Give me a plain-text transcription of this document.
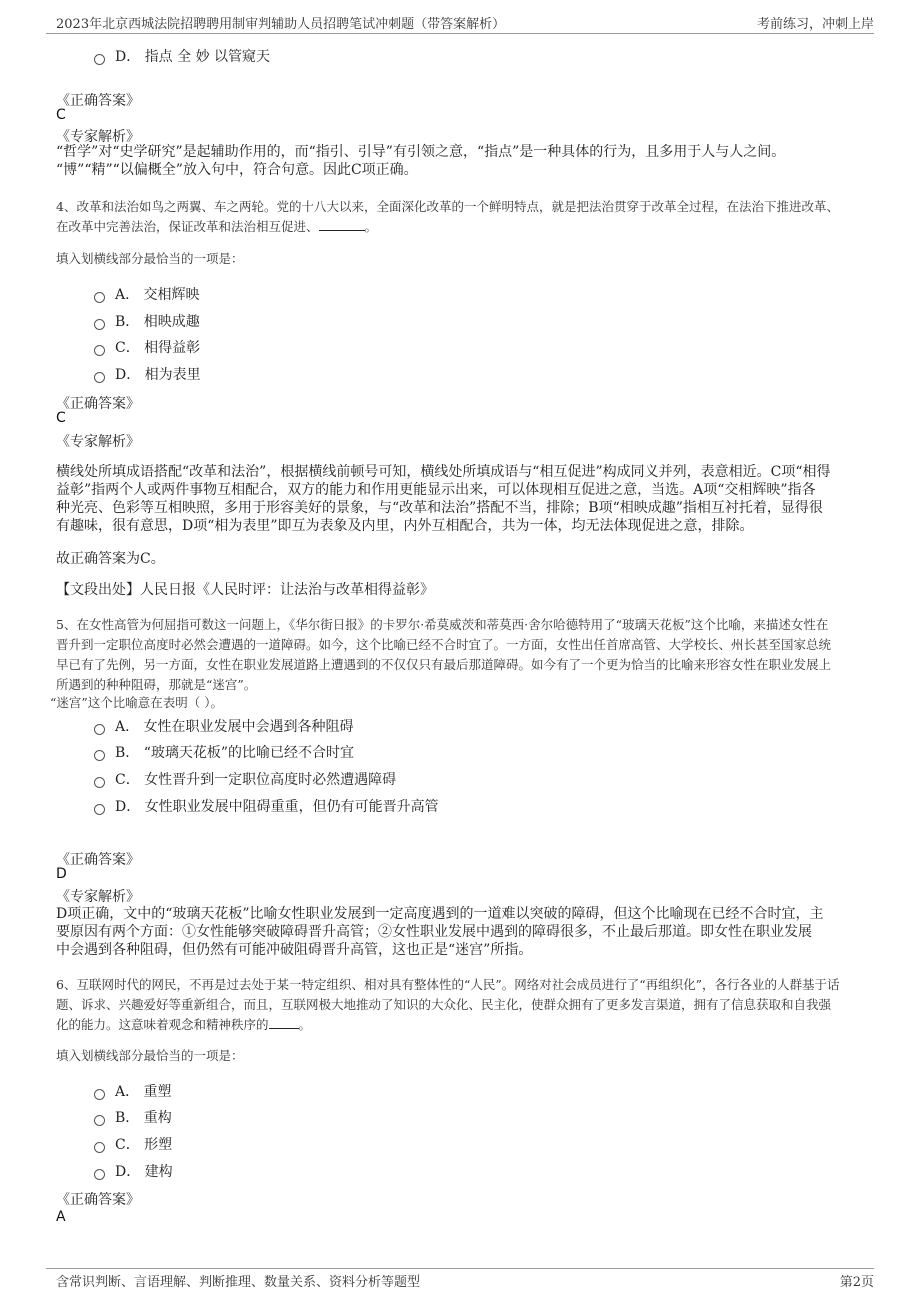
2023年北京西城法院招聘聘用制审判辅助人员招聘笔试冲刺题（带答案解析）	考前练习，冲刺上岸
D． 指点 全 妙 以管窥天
《正确答案》
C
《专家解析》
“哲学”对“史学研究”是起辅助作用的，而“指引、引导”有引领之意，“指点”是一种具体的行为，且多用于人与人之间。
“博”“精”“以偏概全”放入句中，符合句意。因此C项正确。
4、改革和法治如鸟之两翼、车之两轮。党的十八大以来，全面深化改革的一个鲜明特点，就是把法治贯穿于改革全过程，在法治下推进改革、
在改革中完善法治，保证改革和法治相互促进、	。
填入划横线部分最恰当的一项是：
A． 交相辉映
B． 相映成趣
C． 相得益彰
D． 相为表里
《正确答案》
C
《专家解析》
横线处所填成语搭配“改革和法治”，根据横线前顿号可知，横线处所填成语与“相互促进”构成同义并列，表意相近。C项“相得
益彰”指两个人或两件事物互相配合，双方的能力和作用更能显示出来，可以体现相互促进之意，当选。A项“交相辉映”指各
种光亮、色彩等互相映照，多用于形容美好的景象，与“改革和法治”搭配不当，排除；B项“相映成趣”指相互衬托着，显得很
有趣味，很有意思，D项“相为表里”即互为表象及内里，内外互相配合，共为一体，均无法体现促进之意，排除。
故正确答案为C。
【文段出处】人民日报《人民时评：让法治与改革相得益彰》
5、在女性高管为何屈指可数这一问题上，《华尔街日报》的卡罗尔·希莫威茨和蒂莫西·舍尔哈德特用了“玻璃天花板”这个比喻，来描述女性在
晋升到一定职位高度时必然会遭遇的一道障碍。如今，这个比喻已经不合时宜了。一方面，女性出任首席高管、大学校长、州长甚至国家总统
早已有了先例，另一方面，女性在职业发展道路上遭遇到的不仅仅只有最后那道障碍。如今有了一个更为恰当的比喻来形容女性在职业发展上
所遇到的种种阻碍，那就是“迷宫”。
“迷宫”这个比喻意在表明（ ）。
A． 女性在职业发展中会遇到各种阻碍
B． “玻璃天花板”的比喻已经不合时宜
C． 女性晋升到一定职位高度时必然遭遇障碍
D． 女性职业发展中阻碍重重，但仍有可能晋升高管
《正确答案》
D
《专家解析》
D项正确，文中的“玻璃天花板”比喻女性职业发展到一定高度遇到的一道难以突破的障碍，但这个比喻现在已经不合时宜，主
要原因有两个方面：①女性能够突破障碍晋升高管；②女性职业发展中遇到的障碍很多，不止最后那道。即女性在职业发展
中会遇到各种阻碍，但仍然有可能冲破阻碍晋升高管，这也正是“迷宫”所指。
6、互联网时代的网民，不再是过去处于某一特定组织、相对具有整体性的“人民”。网络对社会成员进行了“再组织化”，各行各业的人群基于话
题、诉求、兴趣爱好等重新组合，而且，互联网极大地推动了知识的大众化、民主化，使群众拥有了更多发言渠道，拥有了信息获取和自我强
化的能力。这意味着观念和精神秩序的 。
填入划横线部分最恰当的一项是：
A． 重塑
B． 重构
C． 形塑
D． 建构
《正确答案》
A
含常识判断、言语理解、判断推理、数量关系、资料分析等题型	第2页
